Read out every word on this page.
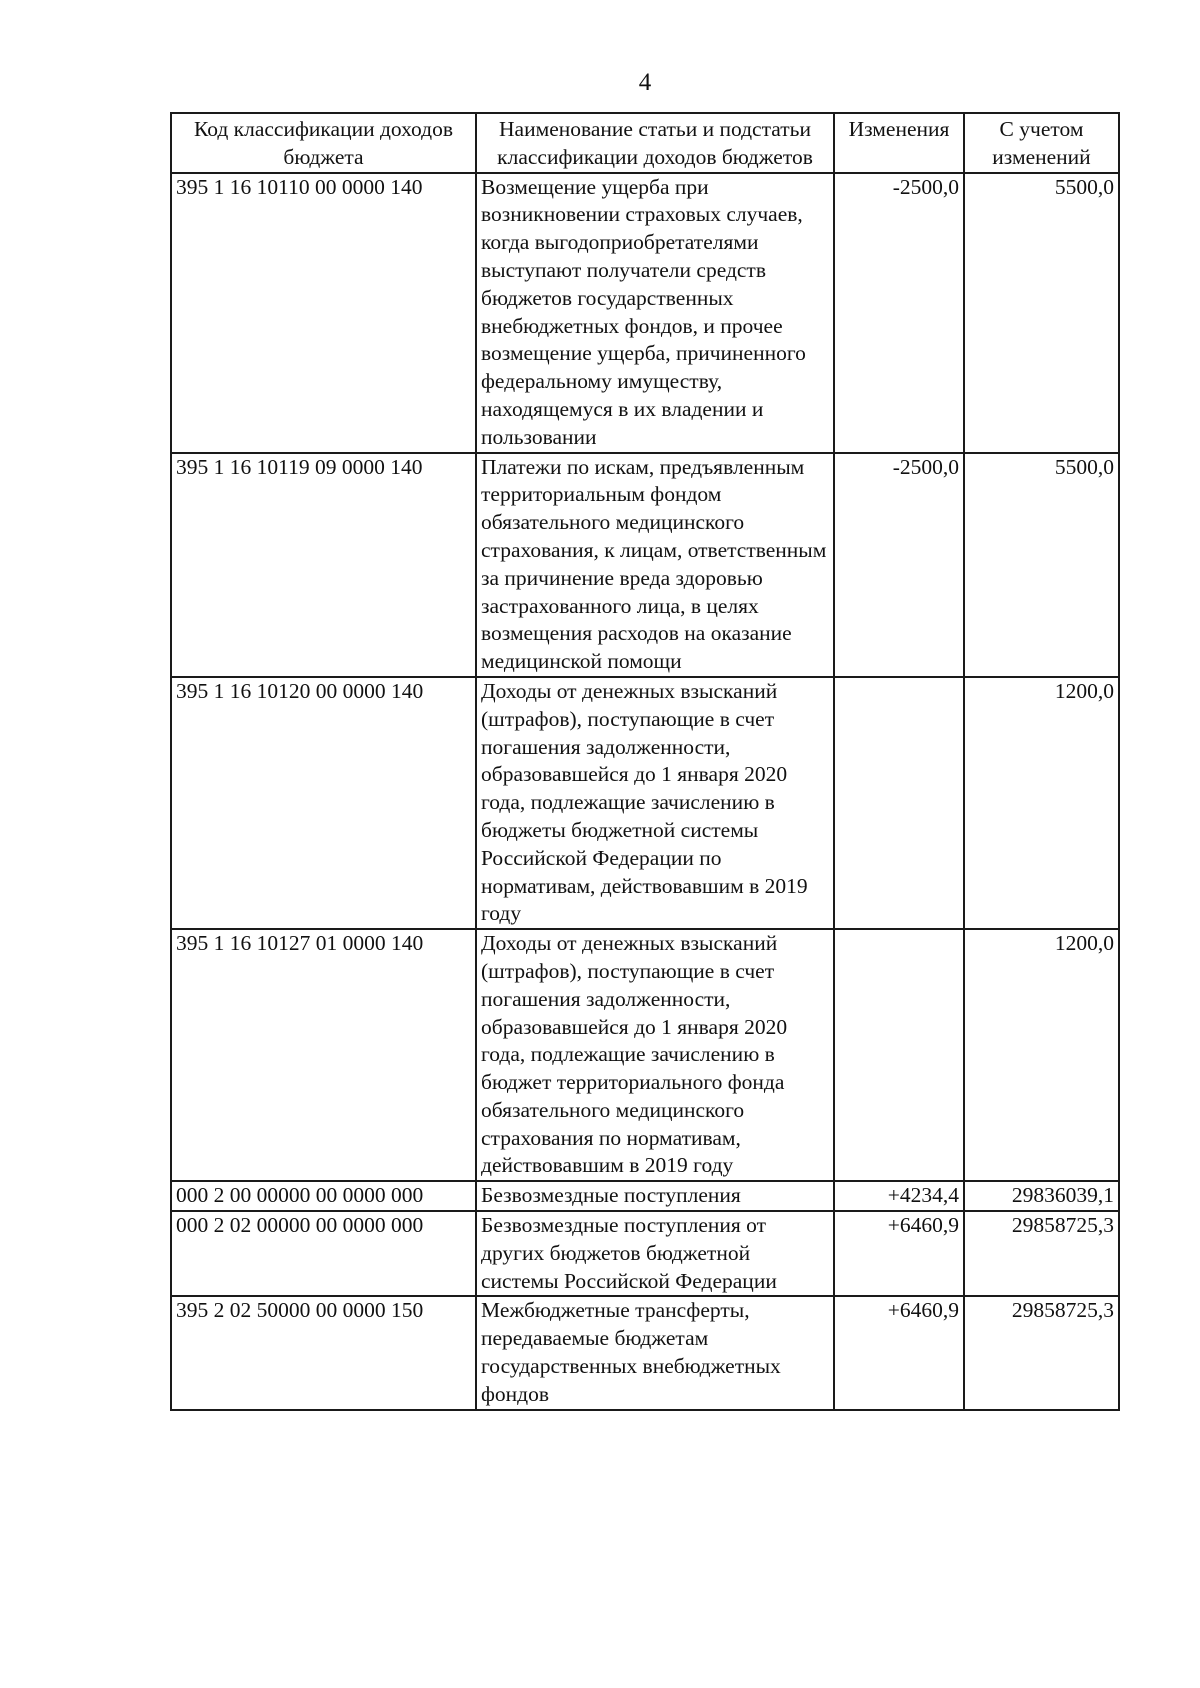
4
Код классификации доходов бюджета	Наименование статьи и подстатьи классификации доходов бюджетов	Изменения	С учетом изменений
395 1 16 10110 00 0000 140	Возмещение ущерба при возникновении страховых случаев, когда выгодоприобретателями выступают получатели средств бюджетов государственных внебюджетных фондов, и прочее возмещение ущерба, причиненного федеральному имуществу, находящемуся в их владении и пользовании	-2500,0	5500,0
395 1 16 10119 09 0000 140	Платежи по искам, предъявленным территориальным фондом обязательного медицинского страхования, к лицам, ответственным за причинение вреда здоровью застрахованного лица, в целях возмещения расходов на оказание медицинской помощи	-2500,0	5500,0
395 1 16 10120 00 0000 140	Доходы от денежных взысканий (штрафов), поступающие в счет погашения задолженности, образовавшейся до 1 января 2020 года, подлежащие зачислению в бюджеты бюджетной системы Российской Федерации по нормативам, действовавшим в 2019 году		1200,0
395 1 16 10127 01 0000 140	Доходы от денежных взысканий (штрафов), поступающие в счет погашения задолженности, образовавшейся до 1 января 2020 года, подлежащие зачислению в бюджет территориального фонда обязательного медицинского страхования по нормативам, действовавшим в 2019 году		1200,0
000 2 00 00000 00 0000 000	Безвозмездные поступления	+4234,4	29836039,1
000 2 02 00000 00 0000 000	Безвозмездные поступления от других бюджетов бюджетной системы Российской Федерации	+6460,9	29858725,3
395 2 02 50000 00 0000 150	Межбюджетные трансферты, передаваемые бюджетам государственных внебюджетных фондов	+6460,9	29858725,3
